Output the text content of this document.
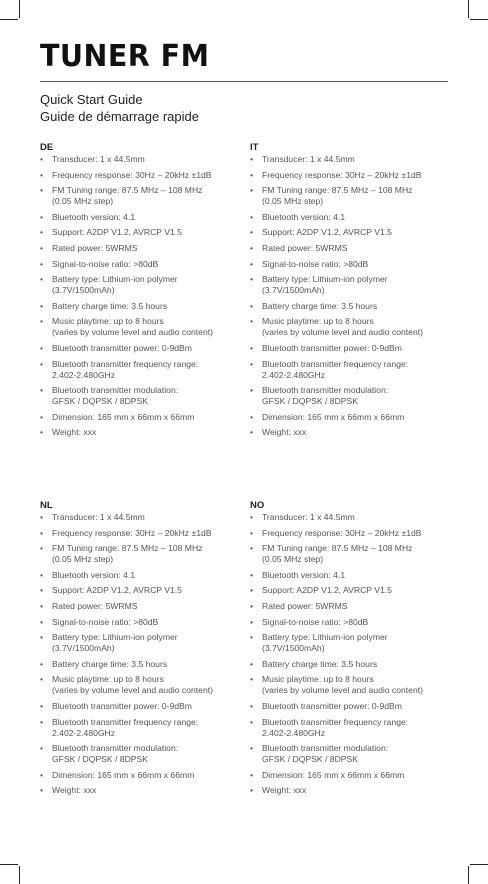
TUNER FM
Quick Start Guide
Guide de démarrage rapide
DE
• Transducer: 1 x 44.5mm
• Frequency response: 30Hz – 20kHz ±1dB
• FM Tuning range: 87.5 MHz – 108 MHz
(0.05 MHz step)
• Bluetooth version: 4.1
• Support: A2DP V1.2, AVRCP V1.5
• Rated power: 5WRMS
• Signal-to-noise ratio: >80dB
• Battery type: Lithium-ion polymer
(3.7V/1500mAh)
• Battery charge time: 3.5 hours
• Music playtime: up to 8 hours
(varies by volume level and audio content)
• Bluetooth transmitter power: 0-9dBm
• Bluetooth transmitter frequency range:
2.402-2.480GHz
• Bluetooth transmitter modulation:
GFSK / DQPSK / 8DPSK
• Dimension: 165 mm x 66mm x 66mm
• Weight: xxx
IT
• Transducer: 1 x 44.5mm
• Frequency response: 30Hz – 20kHz ±1dB
• FM Tuning range: 87.5 MHz – 108 MHz
(0.05 MHz step)
• Bluetooth version: 4.1
• Support: A2DP V1.2, AVRCP V1.5
• Rated power: 5WRMS
• Signal-to-noise ratio: >80dB
• Battery type: Lithium-ion polymer
(3.7V/1500mAh)
• Battery charge time: 3.5 hours
• Music playtime: up to 8 hours
(varies by volume level and audio content)
• Bluetooth transmitter power: 0-9dBm
• Bluetooth transmitter frequency range:
2.402-2.480GHz
• Bluetooth transmitter modulation:
GFSK / DQPSK / 8DPSK
• Dimension: 165 mm x 66mm x 66mm
• Weight: xxx
NL
• Transducer: 1 x 44.5mm
• Frequency response: 30Hz – 20kHz ±1dB
• FM Tuning range: 87.5 MHz – 108 MHz
(0.05 MHz step)
• Bluetooth version: 4.1
• Support: A2DP V1.2, AVRCP V1.5
• Rated power: 5WRMS
• Signal-to-noise ratio: >80dB
• Battery type: Lithium-ion polymer
(3.7V/1500mAh)
• Battery charge time: 3.5 hours
• Music playtime: up to 8 hours
(varies by volume level and audio content)
• Bluetooth transmitter power: 0-9dBm
• Bluetooth transmitter frequency range:
2.402-2.480GHz
• Bluetooth transmitter modulation:
GFSK / DQPSK / 8DPSK
• Dimension: 165 mm x 66mm x 66mm
• Weight: xxx
NO
• Transducer: 1 x 44.5mm
• Frequency response: 30Hz – 20kHz ±1dB
• FM Tuning range: 87.5 MHz – 108 MHz
(0.05 MHz step)
• Bluetooth version: 4.1
• Support: A2DP V1.2, AVRCP V1.5
• Rated power: 5WRMS
• Signal-to-noise ratio: >80dB
• Battery type: Lithium-ion polymer
(3.7V/1500mAh)
• Battery charge time: 3.5 hours
• Music playtime: up to 8 hours
(varies by volume level and audio content)
• Bluetooth transmitter power: 0-9dBm
• Bluetooth transmitter frequency range:
2.402-2.480GHz
• Bluetooth transmitter modulation:
GFSK / DQPSK / 8DPSK
• Dimension: 165 mm x 66mm x 66mm
• Weight: xxx
